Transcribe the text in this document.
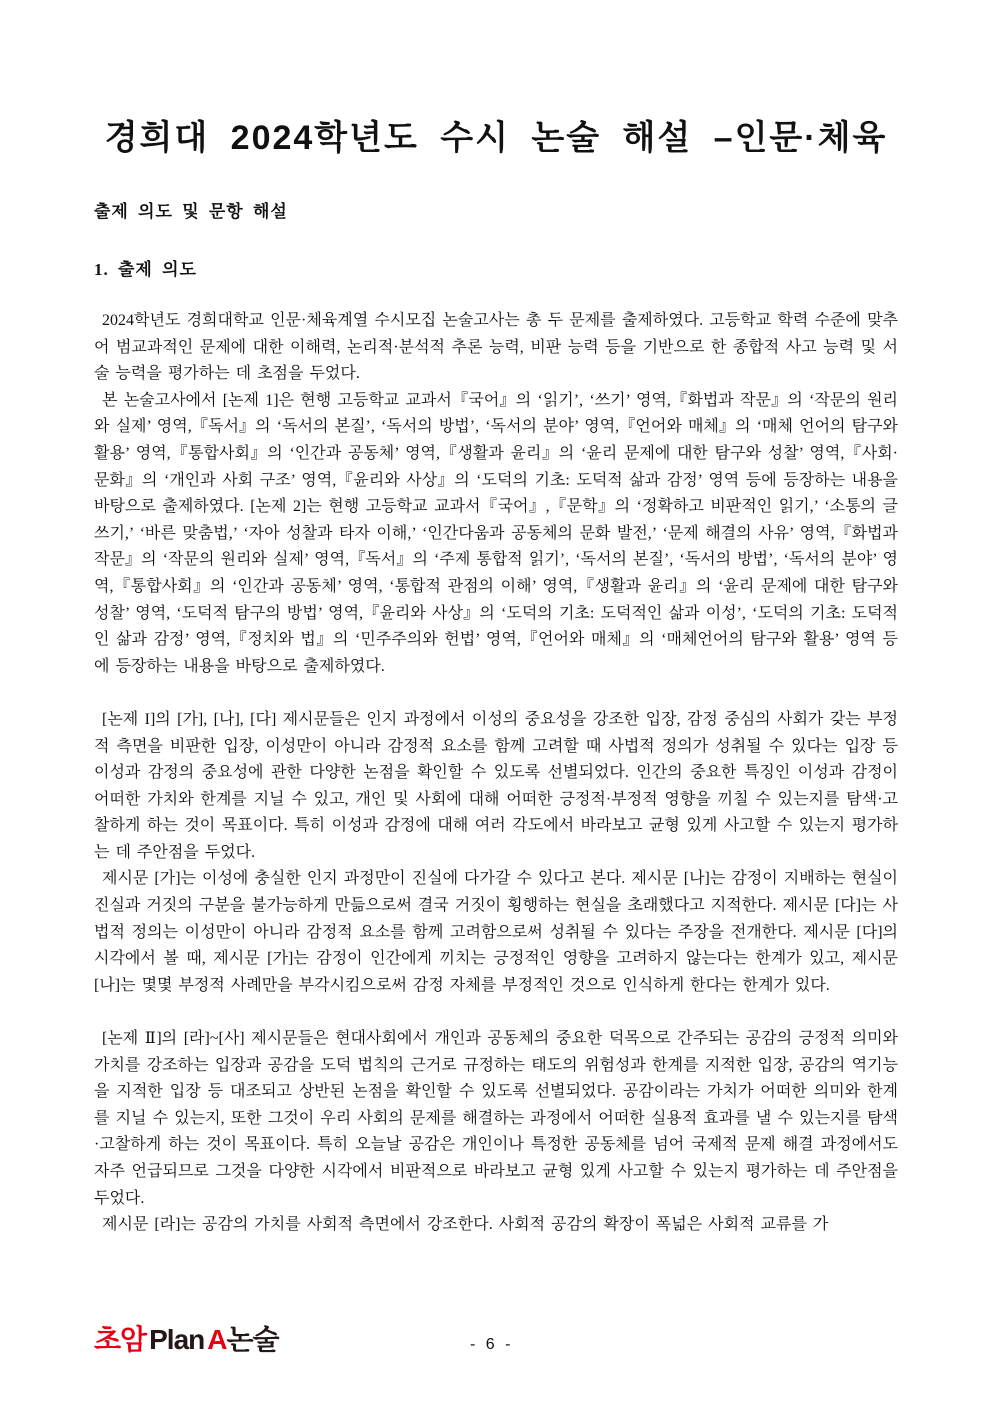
경희대 2024학년도 수시 논술 해설 –인문·체육
출제 의도 및 문항 해설
1. 출제 의도

2024학년도 경희대학교 인문·체육계열 수시모집 논술고사는 총 두 문제를 출제하였다. 고등학교 학력 수준에 맞추어 범교과적인 문제에 대한 이해력, 논리적·분석적 추론 능력, 비판 능력 등을 기반으로 한 종합적 사고 능력 및 서술 능력을 평가하는 데 초점을 두었다.

본 논술고사에서 [논제 1]은 현행 고등학교 교과서『국어』의 ‘읽기’, ‘쓰기’ 영역,『화법과 작문』의 ‘작문의 원리와 실제’ 영역,『독서』의 ‘독서의 본질’, ‘독서의 방법’, ‘독서의 분야’ 영역,『언어와 매체』의 ‘매체 언어의 탐구와 활용’ 영역,『통합사회』의 ‘인간과 공동체’ 영역,『생활과 윤리』의 ‘윤리 문제에 대한 탐구와 성찰’ 영역,『사회·문화』의 ‘개인과 사회 구조’ 영역,『윤리와 사상』의 ‘도덕의 기초: 도덕적 삶과 감정’ 영역 등에 등장하는 내용을 바탕으로 출제하였다. [논제 2]는 현행 고등학교 교과서『국어』,『문학』의 ‘정확하고 비판적인 읽기,’ ‘소통의 글쓰기,’ ‘바른 맞춤법,’ ‘자아 성찰과 타자 이해,’ ‘인간다움과 공동체의 문화 발전,’ ‘문제 해결의 사유’ 영역,『화법과 작문』의 ‘작문의 원리와 실제’ 영역,『독서』의 ‘주제 통합적 읽기’, ‘독서의 본질’, ‘독서의 방법’, ‘독서의 분야’ 영역,『통합사회』의 ‘인간과 공동체’ 영역, ‘통합적 관점의 이해’ 영역,『생활과 윤리』의 ‘윤리 문제에 대한 탐구와 성찰’ 영역, ‘도덕적 탐구의 방법’ 영역,『윤리와 사상』의 ‘도덕의 기초: 도덕적인 삶과 이성’, ‘도덕의 기초: 도덕적인 삶과 감정’ 영역,『정치와 법』의 ‘민주주의와 헌법’ 영역,『언어와 매체』의 ‘매체언어의 탐구와 활용’ 영역 등에 등장하는 내용을 바탕으로 출제하였다.

[논제 I]의 [가], [나], [다] 제시문들은 인지 과정에서 이성의 중요성을 강조한 입장, 감정 중심의 사회가 갖는 부정적 측면을 비판한 입장, 이성만이 아니라 감정적 요소를 함께 고려할 때 사법적 정의가 성취될 수 있다는 입장 등 이성과 감정의 중요성에 관한 다양한 논점을 확인할 수 있도록 선별되었다. 인간의 중요한 특징인 이성과 감정이 어떠한 가치와 한계를 지닐 수 있고, 개인 및 사회에 대해 어떠한 긍정적·부정적 영향을 끼칠 수 있는지를 탐색·고찰하게 하는 것이 목표이다. 특히 이성과 감정에 대해 여러 각도에서 바라보고 균형 있게 사고할 수 있는지 평가하는 데 주안점을 두었다.

제시문 [가]는 이성에 충실한 인지 과정만이 진실에 다가갈 수 있다고 본다. 제시문 [나]는 감정이 지배하는 현실이 진실과 거짓의 구분을 불가능하게 만듦으로써 결국 거짓이 횡행하는 현실을 초래했다고 지적한다. 제시문 [다]는 사법적 정의는 이성만이 아니라 감정적 요소를 함께 고려함으로써 성취될 수 있다는 주장을 전개한다. 제시문 [다]의 시각에서 볼 때, 제시문 [가]는 감정이 인간에게 끼치는 긍정적인 영향을 고려하지 않는다는 한계가 있고, 제시문 [나]는 몇몇 부정적 사례만을 부각시킴으로써 감정 자체를 부정적인 것으로 인식하게 한다는 한계가 있다.

[논제 Ⅱ]의 [라]~[사] 제시문들은 현대사회에서 개인과 공동체의 중요한 덕목으로 간주되는 공감의 긍정적 의미와 가치를 강조하는 입장과 공감을 도덕 법칙의 근거로 규정하는 태도의 위험성과 한계를 지적한 입장, 공감의 역기능을 지적한 입장 등 대조되고 상반된 논점을 확인할 수 있도록 선별되었다. 공감이라는 가치가 어떠한 의미와 한계를 지닐 수 있는지, 또한 그것이 우리 사회의 문제를 해결하는 과정에서 어떠한 실용적 효과를 낼 수 있는지를 탐색·고찰하게 하는 것이 목표이다. 특히 오늘날 공감은 개인이나 특정한 공동체를 넘어 국제적 문제 해결 과정에서도 자주 언급되므로 그것을 다양한 시각에서 비판적으로 바라보고 균형 있게 사고할 수 있는지 평가하는 데 주안점을 두었다.

제시문 [라]는 공감의 가치를 사회적 측면에서 강조한다. 사회적 공감의 확장이 폭넓은 사회적 교류를 가

초암 Plan A논술	- 6 -
